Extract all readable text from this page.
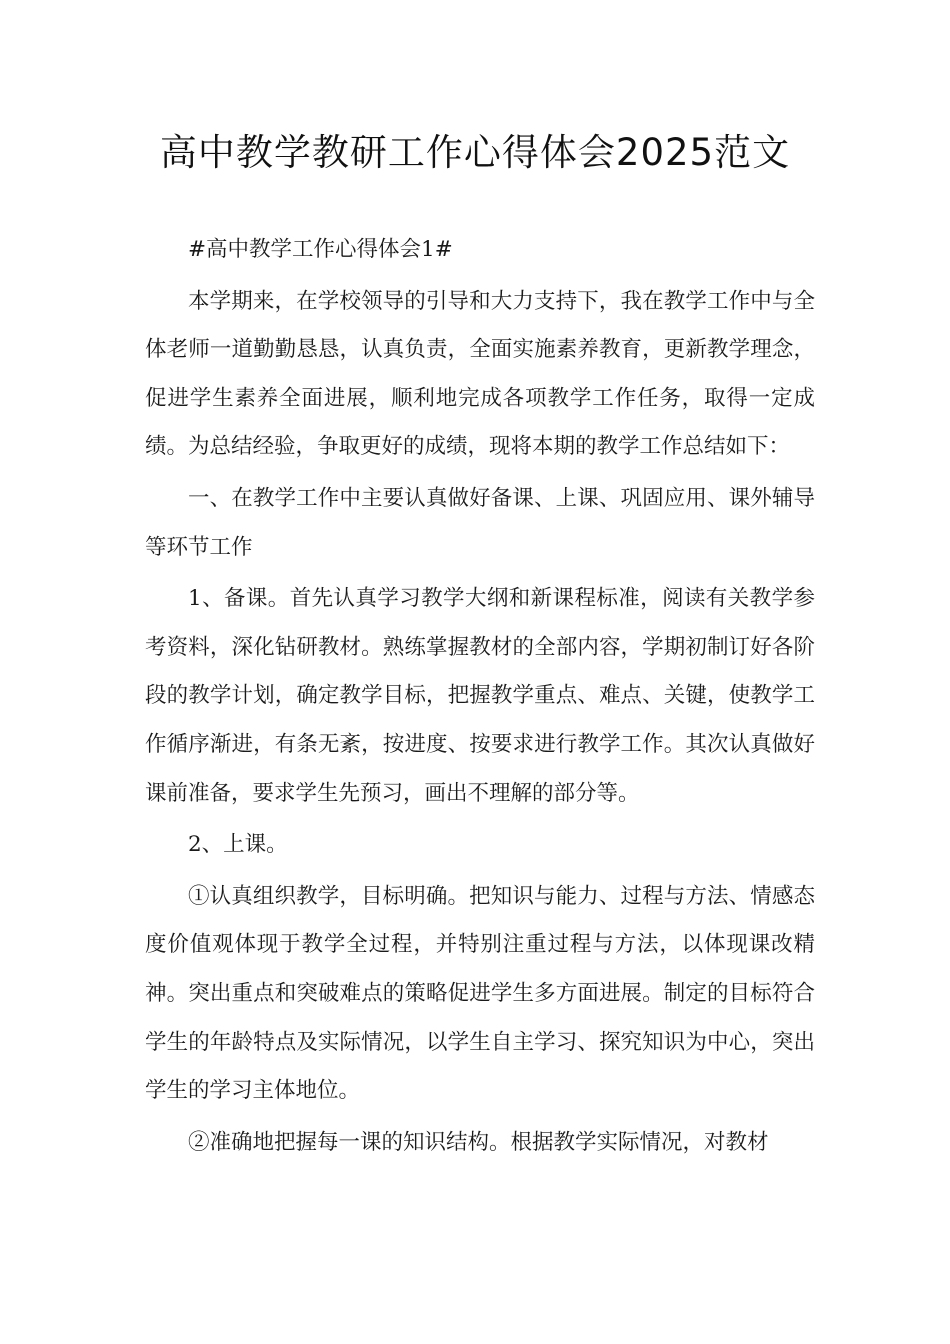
高中教学教研工作心得体会2025范文

#高中教学工作心得体会1#

本学期来，在学校领导的引导和大力支持下，我在教学工作中与全体老师一道勤勤恳恳，认真负责，全面实施素养教育，更新教学理念，促进学生素养全面进展，顺利地完成各项教学工作任务，取得一定成绩。为总结经验，争取更好的成绩，现将本期的教学工作总结如下：

一、在教学工作中主要认真做好备课、上课、巩固应用、课外辅导等环节工作

1、备课。首先认真学习教学大纲和新课程标准，阅读有关教学参考资料，深化钻研教材。熟练掌握教材的全部内容，学期初制订好各阶段的教学计划，确定教学目标，把握教学重点、难点、关键，使教学工作循序渐进，有条无紊，按进度、按要求进行教学工作。其次认真做好课前准备，要求学生先预习，画出不理解的部分等。

2、上课。

①认真组织教学，目标明确。把知识与能力、过程与方法、情感态度价值观体现于教学全过程，并特别注重过程与方法，以体现课改精神。突出重点和突破难点的策略促进学生多方面进展。制定的目标符合学生的年龄特点及实际情况，以学生自主学习、探究知识为中心，突出学生的学习主体地位。

②准确地把握每一课的知识结构。根据教学实际情况，对教材
